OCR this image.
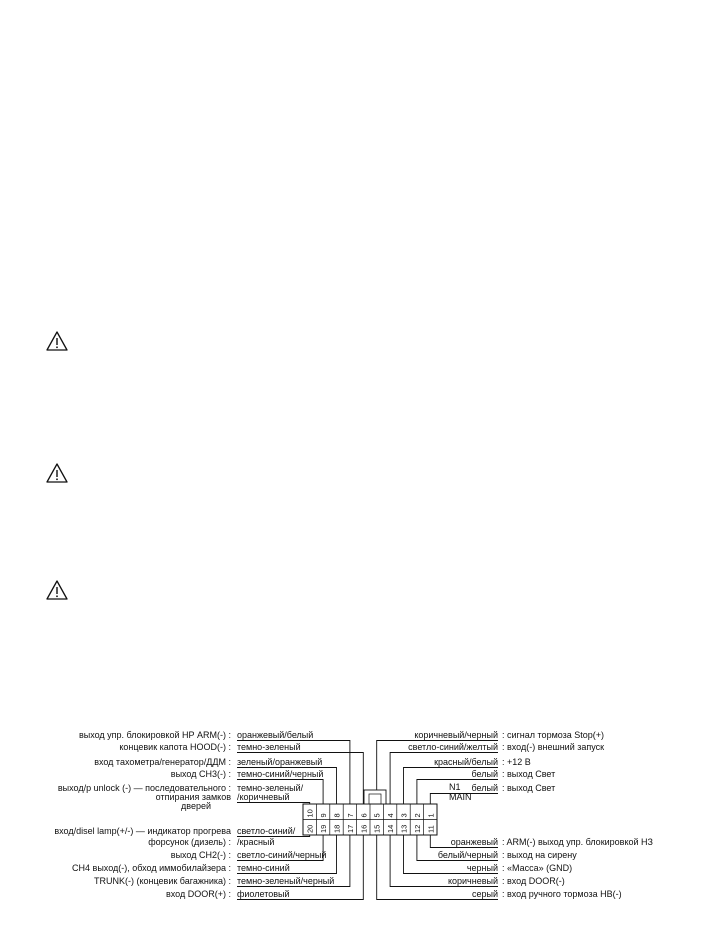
10 9 8 7 6 5 4 3 2 1
20 19 18 17 16 15 14 13 12 11
N1
MAIN
выход упр. блокировкой НР ARM(-) : оранжевый/белый
концевик капота HOOD(-) : темно-зеленый
вход тахометра/генератор/ДДМ : зеленый/оранжевый
выход СН3(-) : темно-синий/черный
выход/р unlock (-) — последовательного :
отпирания замков
дверей
темно-зеленый/
/коричневый
вход/disel lamp(+/-) — индикатор прогрева
форсунок (дизель) :
светло-синий/
/красный
выход СН2(-) : светло-синий/черный
CH4 выход(-), обход иммобилайзера : темно-синий
TRUNK(-) (концевик багажника) : темно-зеленый/черный
вход DOOR(+) : фиолетовый
коричневый/черный : сигнал тормоза Stop(+)
светло-синий/желтый : вход(-) внешний запуск
красный/белый : +12 В
белый : выход Свет
белый : выход Свет
оранжевый : ARM(-) выход упр. блокировкой НЗ
белый/черный : выход на сирену
черный : «Масса» (GND)
коричневый : вход DOOR(-)
серый : вход ручного тормоза НВ(-)
